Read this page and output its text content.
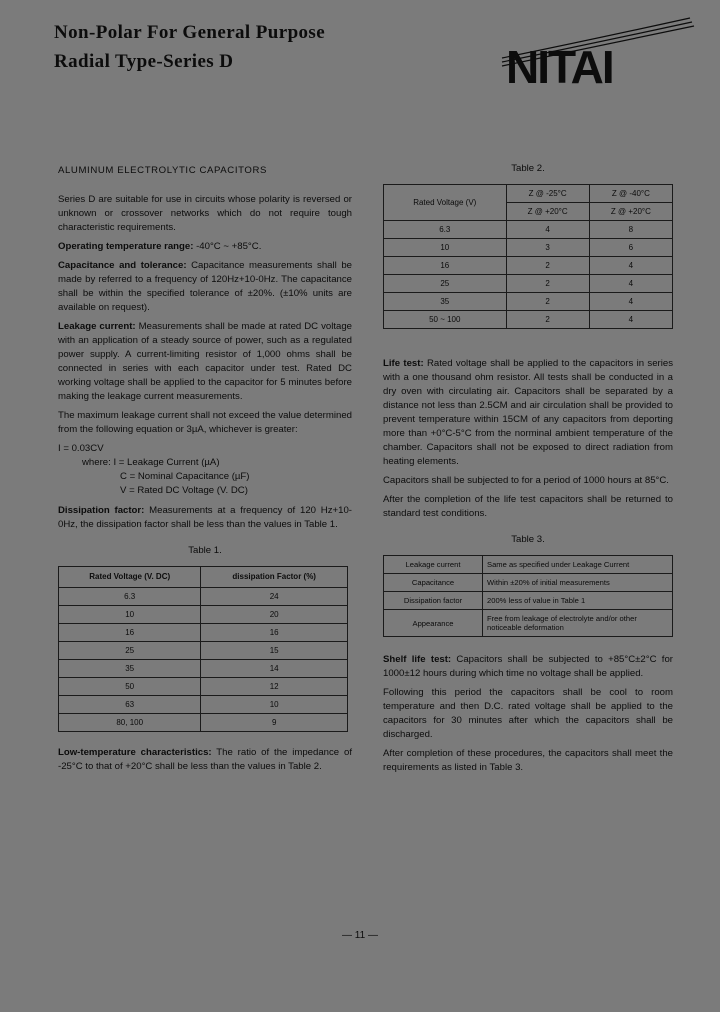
Non-Polar For General Purpose
Radial Type-Series D	NITAI
ALUMINUM ELECTROLYTIC CAPACITORS

Series D are suitable for use in circuits whose polarity is reversed or unknown or crossover networks which do not require tough characteristic requirements.

Operating temperature range: -40°C ~ +85°C.

Capacitance and tolerance: Capacitance measurements shall be made by referred to a frequency of 120Hz+10-0Hz. The capacitance shall be within the specified tolerance of ±20%. (±10% units are available on request).

Leakage current: Measurements shall be made at rated DC voltage with an application of a steady source of power, such as a regulated power supply. A current-limiting resistor of 1,000 ohms shall be connected in series with each capacitor under test. Rated DC working voltage shall be applied to the capacitor for 5 minutes before making the leakage current measurements.

The maximum leakage current shall not exceed the value determined from the following equation or 3µA, whichever is greater:

I = 0.03CV
where: I = Leakage Current (µA)
C = Nominal Capacitance (µF)
V = Rated DC Voltage (V. DC)

Dissipation factor: Measurements at a frequency of 120 Hz+10-0Hz, the dissipation factor shall be less than the values in Table 1.

Table 1.
Rated Voltage (V. DC)	dissipation Factor (%)
6.3	24
10	20
16	16
25	15
35	14
50	12
63	10
80, 100	9

Low-temperature characteristics: The ratio of the impedance of -25°C to that of +20°C shall be less than the values in Table 2.

Table 2.
Rated Voltage (V)	Z @ -25°C	Z @ -40°C
	Z @ +20°C	Z @ +20°C
6.3	4	8
10	3	6
16	2	4
25	2	4
35	2	4
50 ~ 100	2	4

Life test: Rated voltage shall be applied to the capacitors in series with a one thousand ohm resistor. All tests shall be conducted in a dry oven with circulating air. Capacitors shall be separated by a distance not less than 2.5CM and air circulation shall be provided to prevent temperature within 15CM of any capacitors from deporting more than +0°C-5°C from the norminal ambient temperature of the chamber. Capacitors shall not be exposed to direct radiation from heating elements.

Capacitors shall be subjected to for a period of 1000 hours at 85°C.

After the completion of the life test capacitors shall be returned to standard test conditions.

Table 3.
Leakage current	Same as specified under Leakage Current
Capacitance	Within ±20% of initial measurements
Dissipation factor	200% less of value in Table 1
Appearance	Free from leakage of electrolyte and/or other noticeable deformation

Shelf life test: Capacitors shall be subjected to +85°C±2°C for 1000±12 hours during which time no voltage shall be applied.

Following this period the capacitors shall be cool to room temperature and then D.C. rated voltage shall be applied to the capacitors for 30 minutes after which the capacitors shall be discharged.

After completion of these procedures, the capacitors shall meet the requirements as listed in Table 3.

— 11 —
